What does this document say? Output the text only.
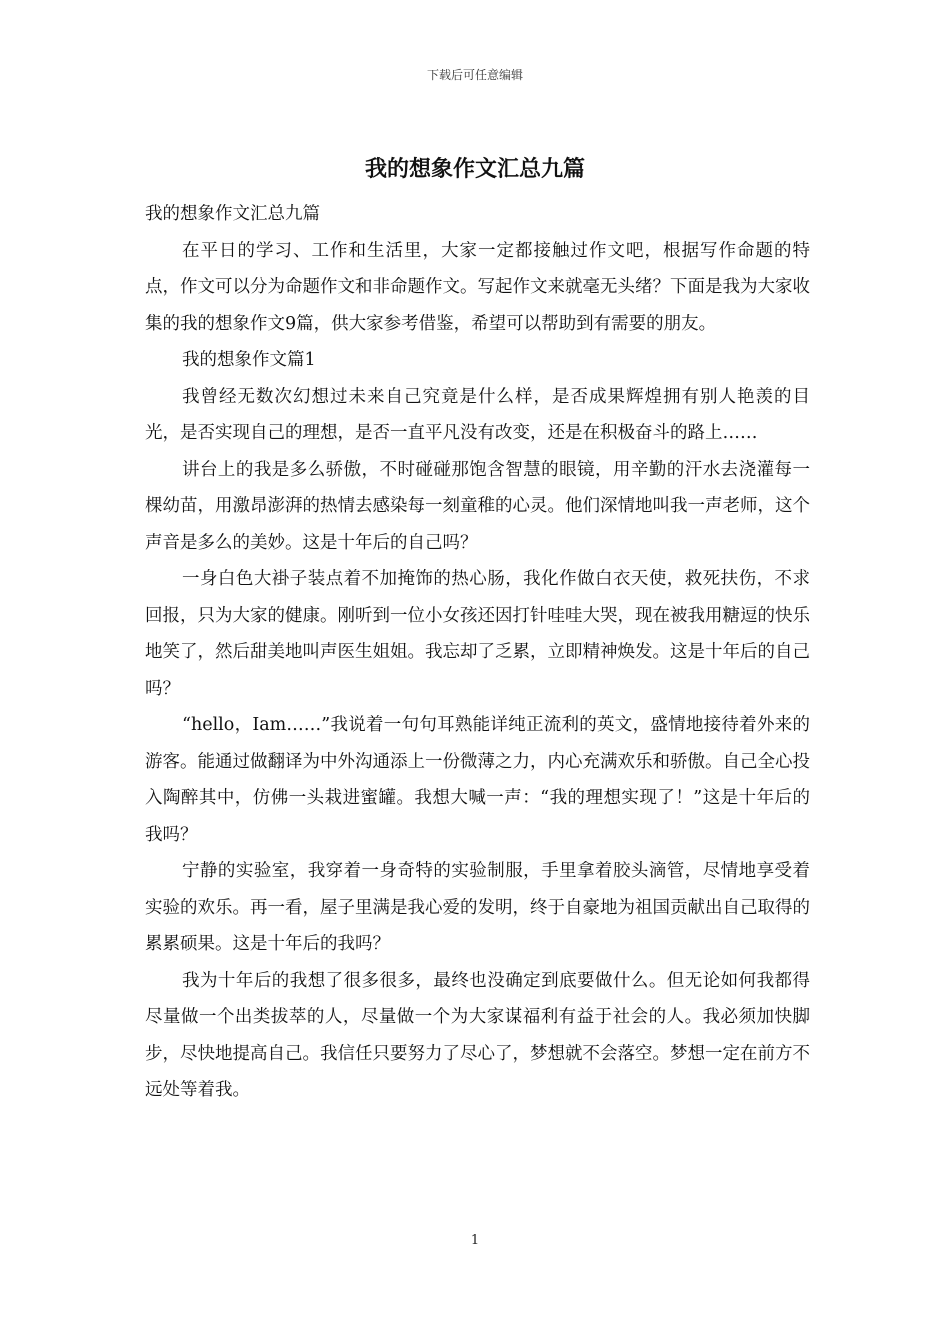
下载后可任意编辑
我的想象作文汇总九篇

我的想象作文汇总九篇

在平日的学习、工作和生活里，大家一定都接触过作文吧，根据写作命题的特点，作文可以分为命题作文和非命题作文。写起作文来就毫无头绪？下面是我为大家收集的我的想象作文9篇，供大家参考借鉴，希望可以帮助到有需要的朋友。

我的想象作文篇1

我曾经无数次幻想过未来自己究竟是什么样，是否成果辉煌拥有别人艳羡的目光，是否实现自己的理想，是否一直平凡没有改变，还是在积极奋斗的路上……

讲台上的我是多么骄傲，不时碰碰那饱含智慧的眼镜，用辛勤的汗水去浇灌每一棵幼苗，用激昂澎湃的热情去感染每一刻童稚的心灵。他们深情地叫我一声老师，这个声音是多么的美妙。这是十年后的自己吗？

一身白色大褂子装点着不加掩饰的热心肠，我化作做白衣天使，救死扶伤，不求回报，只为大家的健康。刚听到一位小女孩还因打针哇哇大哭，现在被我用糖逗的快乐地笑了，然后甜美地叫声医生姐姐。我忘却了乏累，立即精神焕发。这是十年后的自己吗？

“hello，Iam……”我说着一句句耳熟能详纯正流利的英文，盛情地接待着外来的游客。能通过做翻译为中外沟通添上一份微薄之力，内心充满欢乐和骄傲。自己全心投入陶醉其中，仿佛一头栽进蜜罐。我想大喊一声：“我的理想实现了！”这是十年后的我吗？

宁静的实验室，我穿着一身奇特的实验制服，手里拿着胶头滴管，尽情地享受着实验的欢乐。再一看，屋子里满是我心爱的发明，终于自豪地为祖国贡献出自己取得的累累硕果。这是十年后的我吗？

我为十年后的我想了很多很多，最终也没确定到底要做什么。但无论如何我都得尽量做一个出类拔萃的人，尽量做一个为大家谋福利有益于社会的人。我必须加快脚步，尽快地提高自己。我信任只要努力了尽心了，梦想就不会落空。梦想一定在前方不远处等着我。

1
